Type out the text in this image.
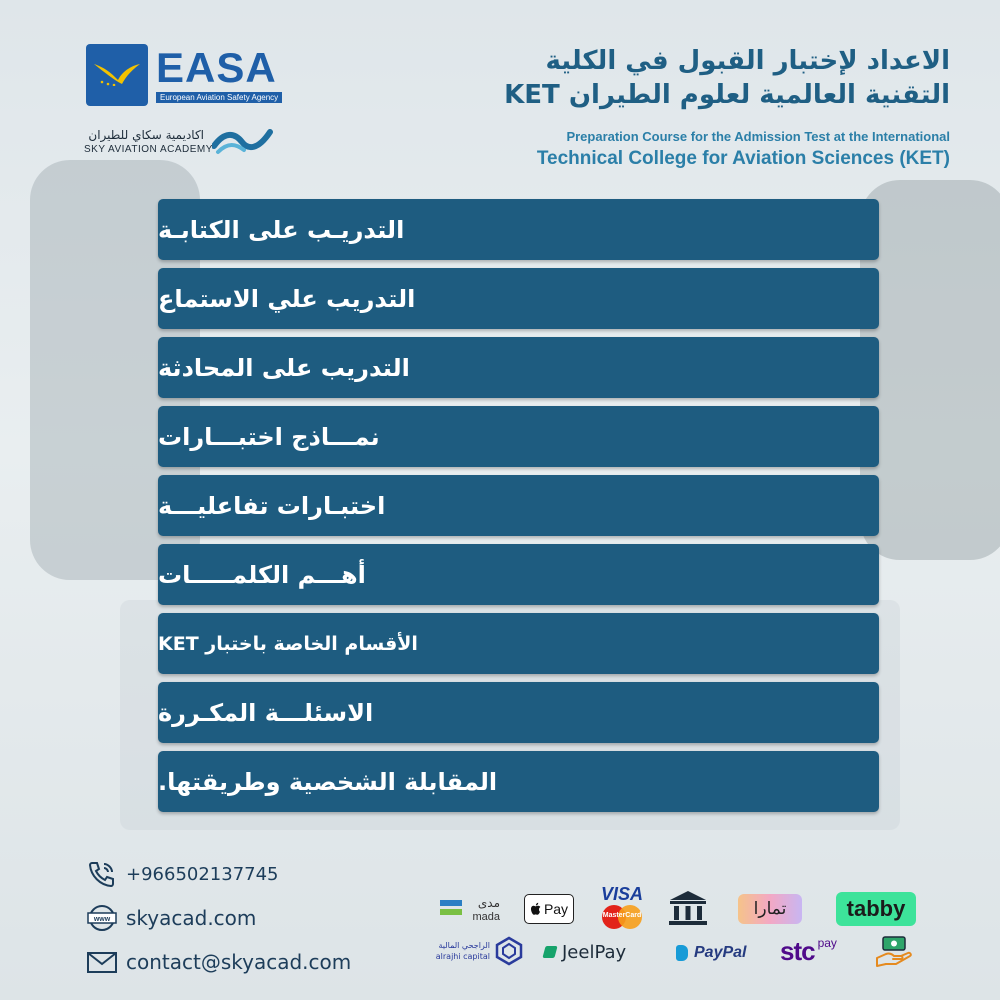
EASA
European Aviation Safety Agency
اكاديمية سكاي للطيران
SKY AVIATION ACADEMY
الاعداد لإختبار القبول في الكلية
التقنية العالمية لعلوم الطيران KET
Preparation Course for the Admission Test at the International
Technical College for Aviation Sciences (KET)
التدريـب على الكتابـة
التدريب علي الاستماع
التدريب على المحادثة
نمـــاذج اختبـــارات
اختبـارات تفاعليـــة
أهـــم الكلمـــــات
الأقسام الخاصة باختبار KET
الاسئلـــة المكـررة
المقابلة الشخصية وطريقتها.
+966502137745
www skyacad.com
contact@skyacad.com
مدى
mada	Pay
VISA
MasterCard	تمارا	tabby
الراجحي المالية
alrajhi capital	JeelPay	PayPal stc pay
